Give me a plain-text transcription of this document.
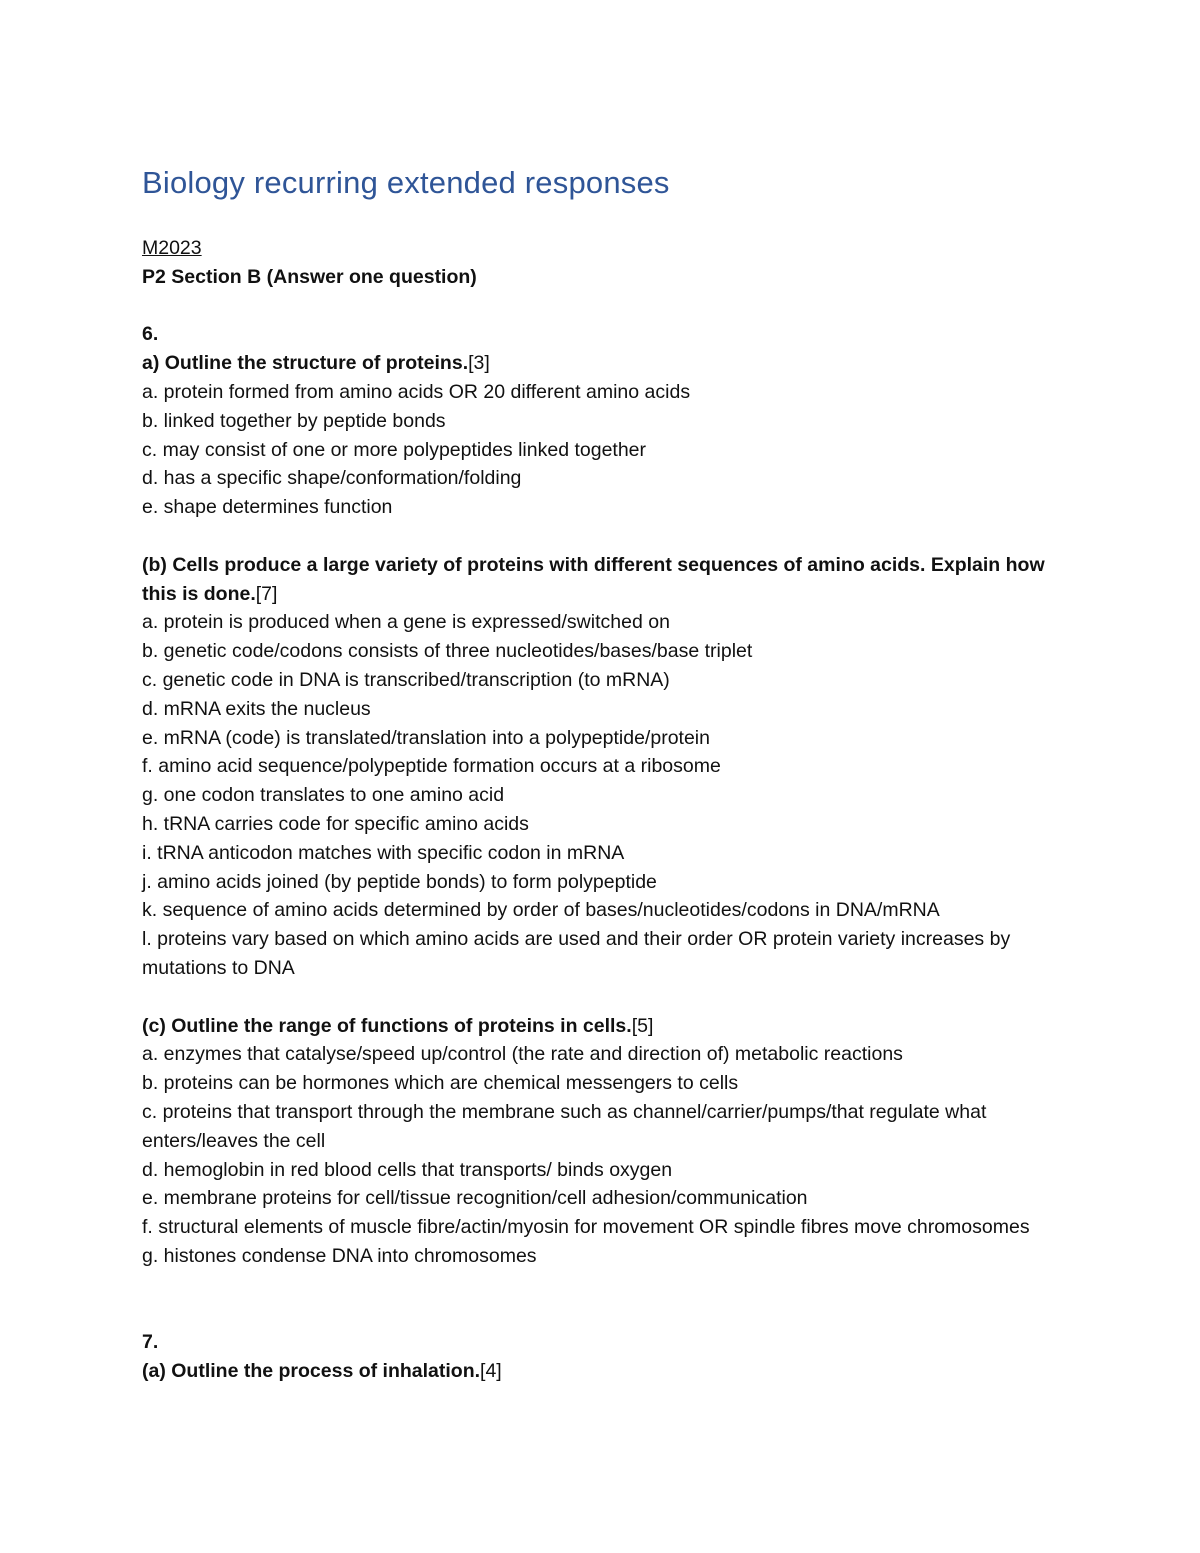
Biology recurring extended responses

M2023

P2 Section B (Answer one question)

6.

a) Outline the structure of proteins.[3]

a. protein formed from amino acids OR 20 different amino acids

b. linked together by peptide bonds

c. may consist of one or more polypeptides linked together

d. has a specific shape/conformation/folding

e. shape determines function

(b) Cells produce a large variety of proteins with different sequences of amino acids. Explain how this is done.[7]

a. protein is produced when a gene is expressed/switched on

b. genetic code/codons consists of three nucleotides/bases/base triplet

c. genetic code in DNA is transcribed/transcription (to mRNA)

d. mRNA exits the nucleus

e. mRNA (code) is translated/translation into a polypeptide/protein

f. amino acid sequence/polypeptide formation occurs at a ribosome

g. one codon translates to one amino acid

h. tRNA carries code for specific amino acids

i. tRNA anticodon matches with specific codon in mRNA

j. amino acids joined (by peptide bonds) to form polypeptide

k. sequence of amino acids determined by order of bases/nucleotides/codons in DNA/mRNA

l. proteins vary based on which amino acids are used and their order OR protein variety increases by mutations to DNA

(c) Outline the range of functions of proteins in cells.[5]

a. enzymes that catalyse/speed up/control (the rate and direction of) metabolic reactions

b. proteins can be hormones which are chemical messengers to cells

c. proteins that transport through the membrane such as channel/carrier/pumps/that regulate what enters/leaves the cell

d. hemoglobin in red blood cells that transports/ binds oxygen

e. membrane proteins for cell/tissue recognition/cell adhesion/communication

f. structural elements of muscle fibre/actin/myosin for movement OR spindle fibres move chromosomes

g. histones condense DNA into chromosomes

7.

(a) Outline the process of inhalation.[4]
